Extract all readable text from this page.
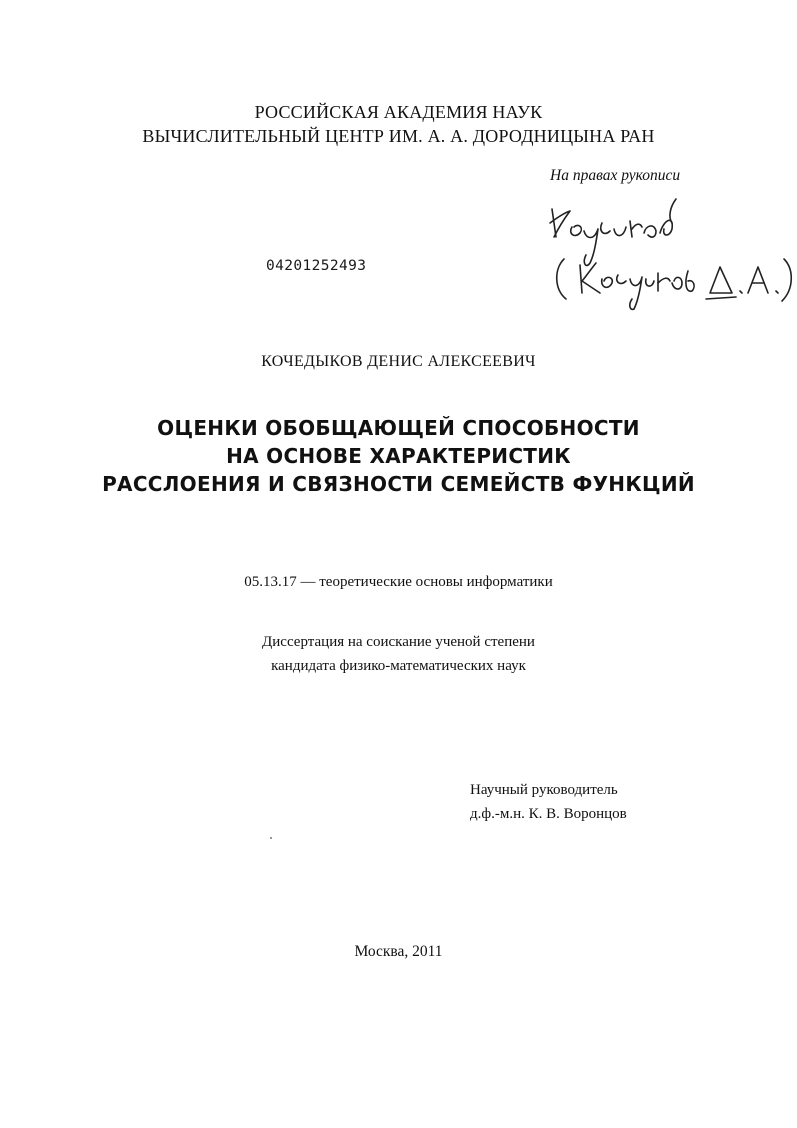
РОССИЙСКАЯ АКАДЕМИЯ НАУК

ВЫЧИСЛИТЕЛЬНЫЙ ЦЕНТР ИМ. А. А. ДОРОДНИЦЫНА РАН

На правах рукописи

04201252493

КОЧЕДЫКОВ ДЕНИС АЛЕКСЕЕВИЧ

ОЦЕНКИ ОБОБЩАЮЩЕЙ СПОСОБНОСТИ

НА ОСНОВЕ ХАРАКТЕРИСТИК

РАССЛОЕНИЯ И СВЯЗНОСТИ СЕМЕЙСТВ ФУНКЦИЙ

05.13.17 — теоретические основы информатики

Диссертация на соискание ученой степени

кандидата физико-математических наук

Научный руководитель

д.ф.-м.н. К. В. Воронцов

Москва, 2011
